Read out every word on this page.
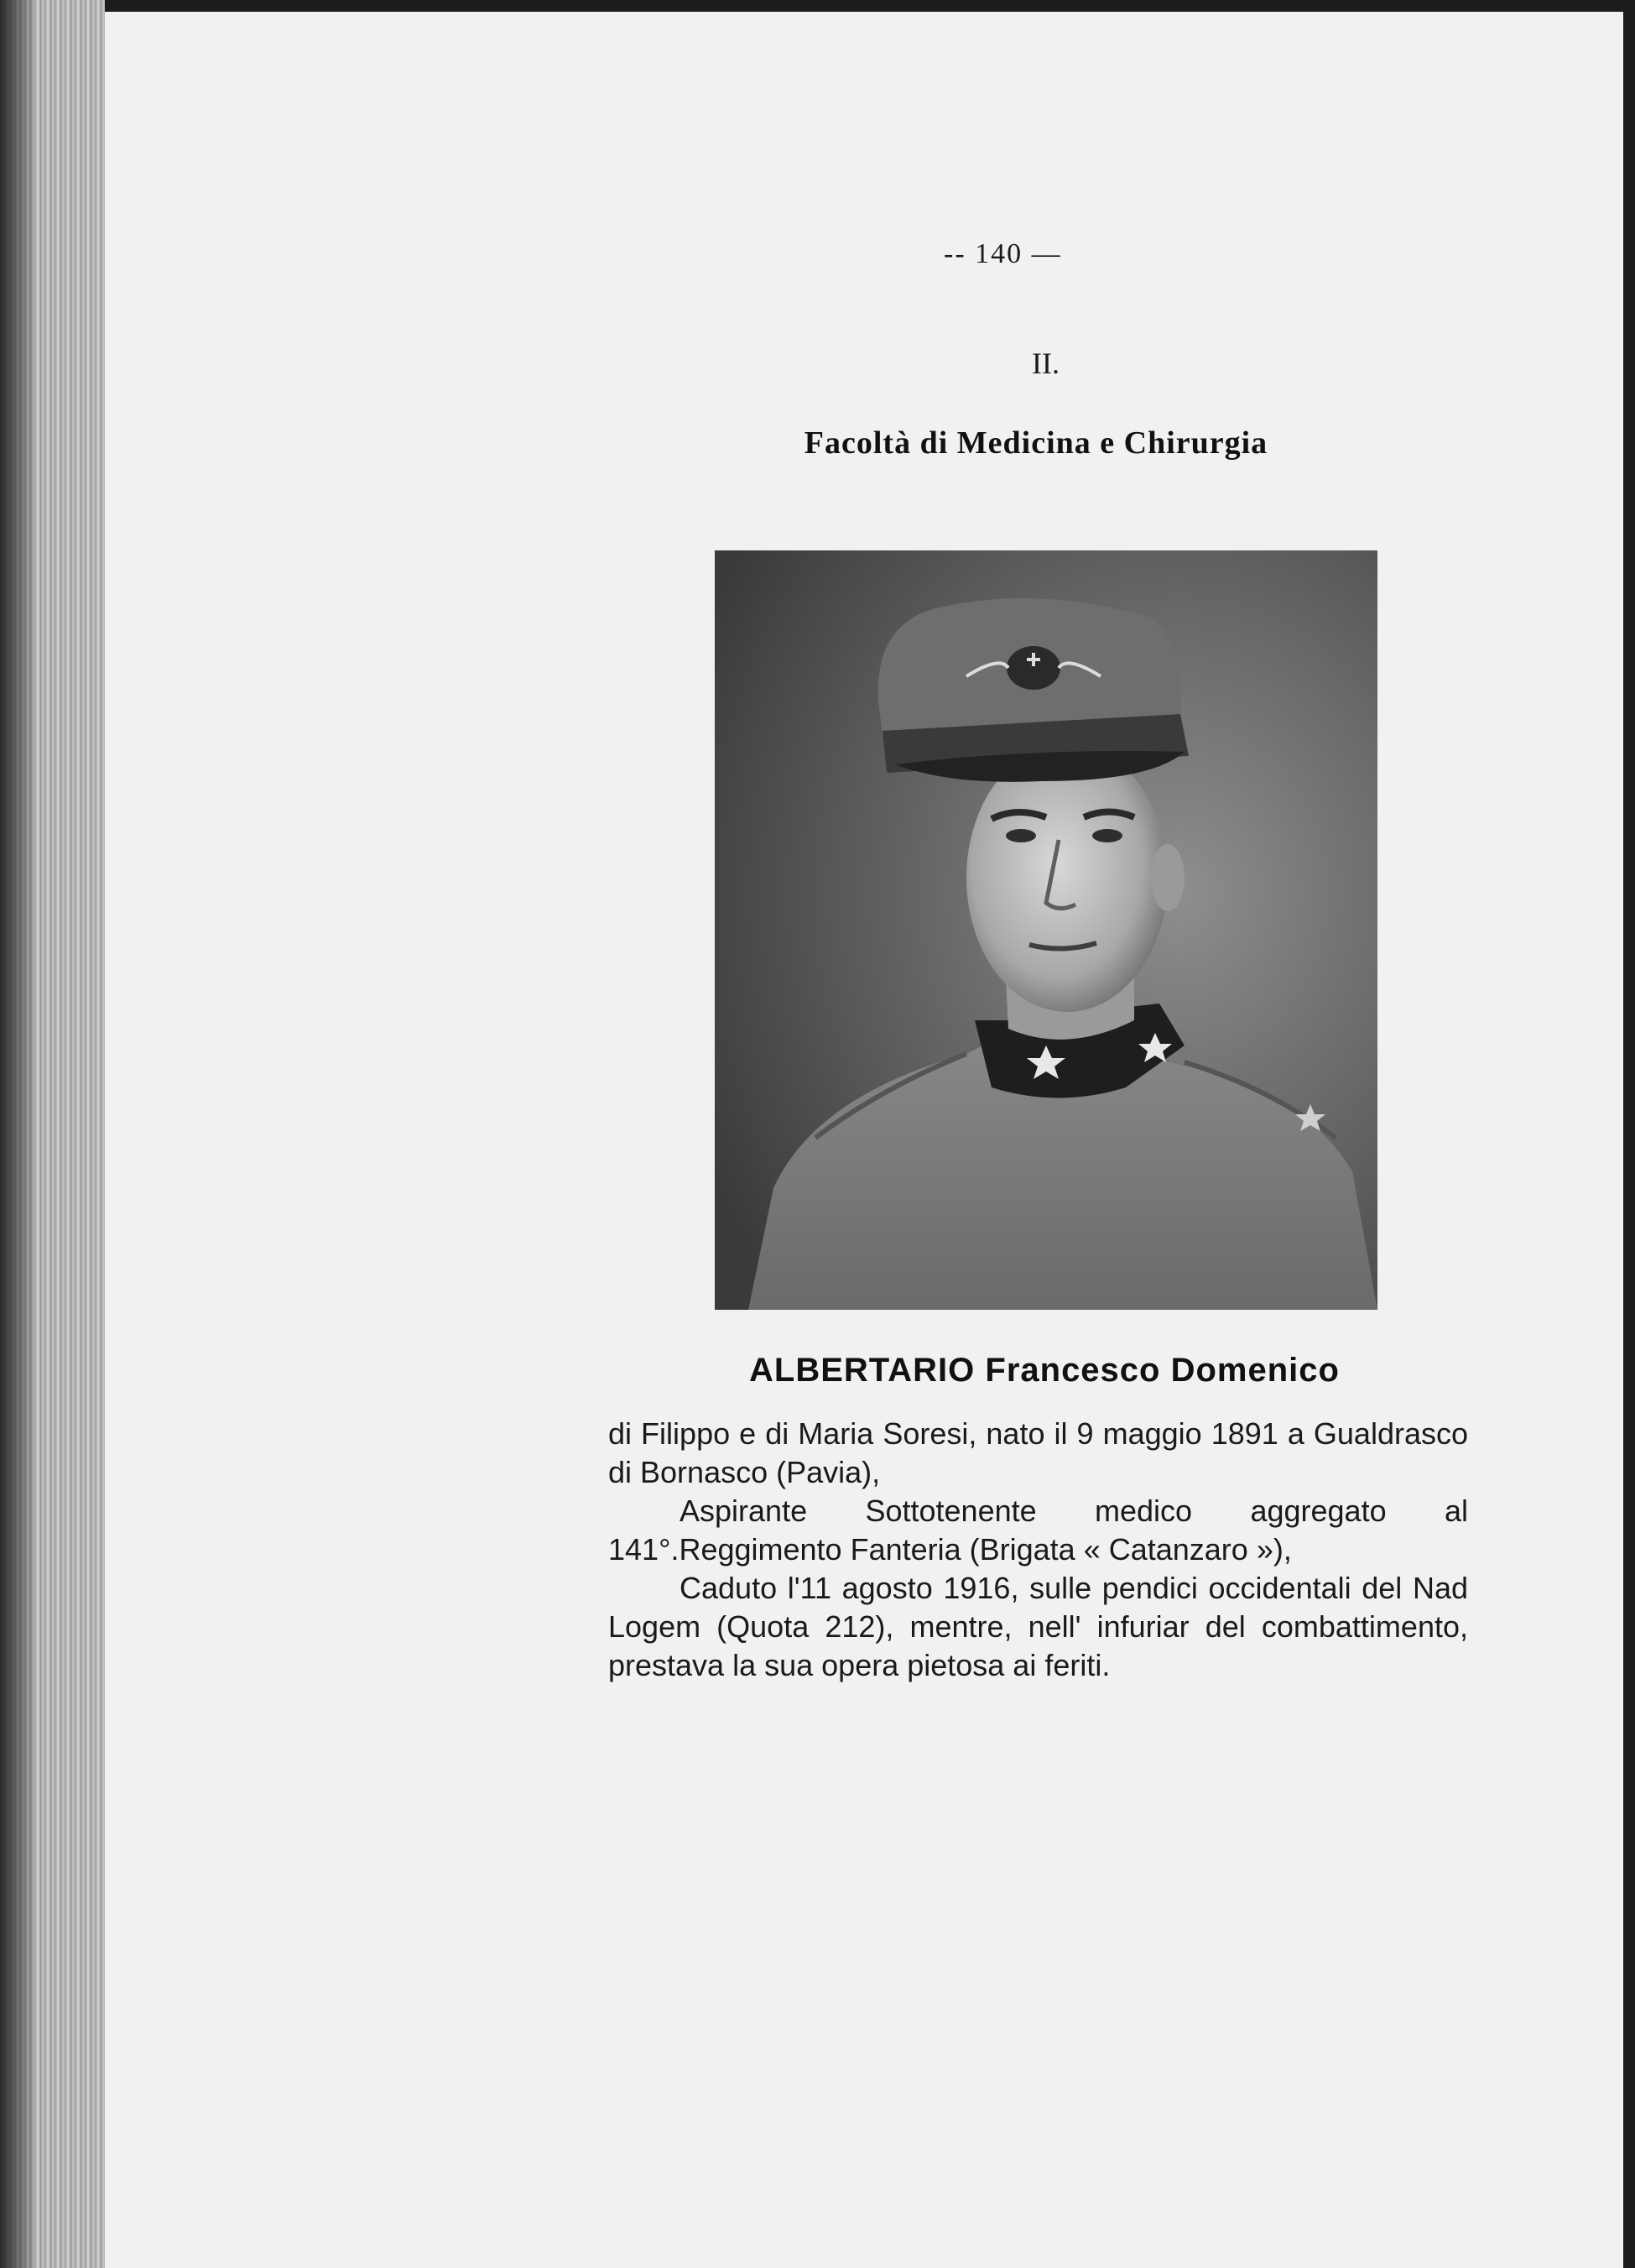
-- 140 —
II.
Facoltà di Medicina e Chirurgia
ALBERTARIO Francesco Domenico

di Filippo e di Maria Soresi, nato il 9 maggio 1891 a Gualdrasco di Bornasco (Pavia),

Aspirante Sottotenente medico aggregato al 141°.Reggimento Fanteria (Brigata « Catanzaro »),

Caduto l'11 agosto 1916, sulle pendici occidentali del Nad Logem (Quota 212), mentre, nell' infuriar del combattimento, prestava la sua opera pietosa ai feriti.
